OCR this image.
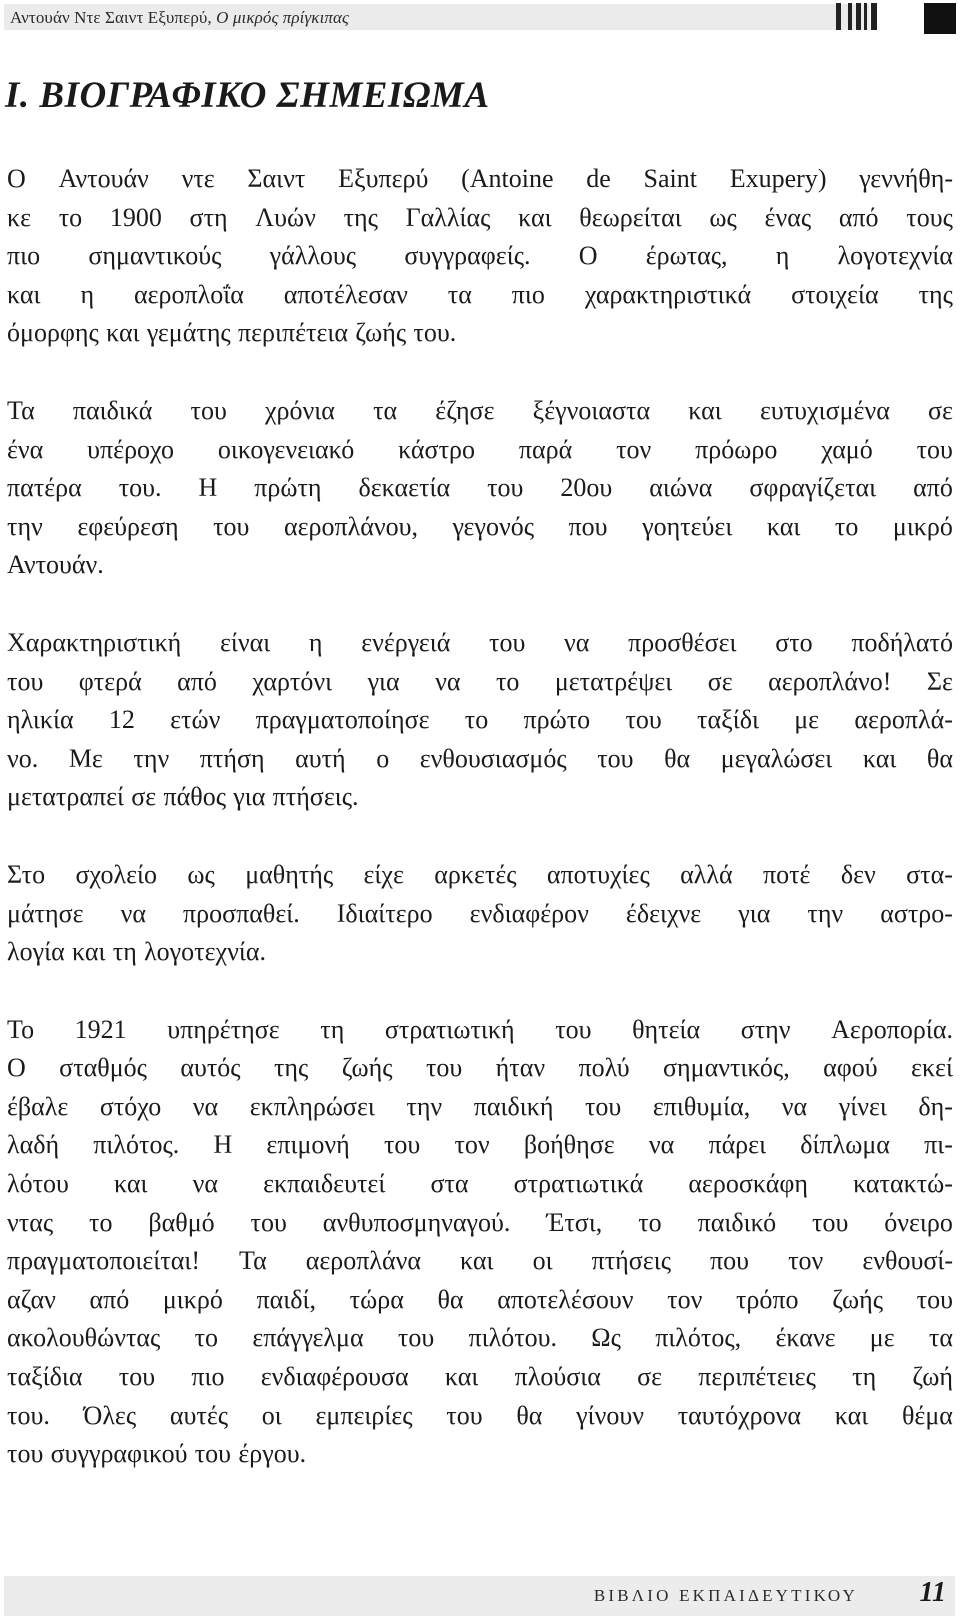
Αντουάν Ντε Σαιντ Εξυπερύ, Ο μικρός πρίγκιπας
Ι. ΒΙΟΓΡΑΦΙΚΟ ΣΗΜΕΙΩΜΑ
Ο Αντουάν ντε Σαιντ Εξυπερύ (Antoine de Saint Exupery) γεννήθη-
κε το 1900 στη Λυών της Γαλλίας και θεωρείται ως ένας από τους
πιο σημαντικούς γάλλους συγγραφείς. Ο έρωτας, η λογοτεχνία
και η αεροπλοΐα αποτέλεσαν τα πιο χαρακτηριστικά στοιχεία της
όμορφης και γεμάτης περιπέτεια ζωής του.
Τα παιδικά του χρόνια τα έζησε ξέγνοιαστα και ευτυχισμένα σε
ένα υπέροχο οικογενειακό κάστρο παρά τον πρόωρο χαμό του
πατέρα του. Η πρώτη δεκαετία του 20ου αιώνα σφραγίζεται από
την εφεύρεση του αεροπλάνου, γεγονός που γοητεύει και το μικρό
Αντουάν.
Χαρακτηριστική είναι η ενέργειά του να προσθέσει στο ποδήλατό
του φτερά από χαρτόνι για να το μετατρέψει σε αεροπλάνο! Σε
ηλικία 12 ετών πραγματοποίησε το πρώτο του ταξίδι με αεροπλά-
νο. Με την πτήση αυτή ο ενθουσιασμός του θα μεγαλώσει και θα
μετατραπεί σε πάθος για πτήσεις.
Στο σχολείο ως μαθητής είχε αρκετές αποτυχίες αλλά ποτέ δεν στα-
μάτησε να προσπαθεί. Ιδιαίτερο ενδιαφέρον έδειχνε για την αστρο-
λογία και τη λογοτεχνία.
Το 1921 υπηρέτησε τη στρατιωτική του θητεία στην Αεροπορία.
Ο σταθμός αυτός της ζωής του ήταν πολύ σημαντικός, αφού εκεί
έβαλε στόχο να εκπληρώσει την παιδική του επιθυμία, να γίνει δη-
λαδή πιλότος. Η επιμονή του τον βοήθησε να πάρει δίπλωμα πι-
λότου και να εκπαιδευτεί στα στρατιωτικά αεροσκάφη κατακτώ-
ντας το βαθμό του ανθυποσμηναγού. Έτσι, το παιδικό του όνειρο
πραγματοποιείται! Τα αεροπλάνα και οι πτήσεις που τον ενθουσί-
αζαν από μικρό παιδί, τώρα θα αποτελέσουν τον τρόπο ζωής του
ακολουθώντας το επάγγελμα του πιλότου. Ως πιλότος, έκανε με τα
ταξίδια του πιο ενδιαφέρουσα και πλούσια σε περιπέτειες τη ζωή
του. Όλες αυτές οι εμπειρίες του θα γίνουν ταυτόχρονα και θέμα
του συγγραφικού του έργου.
ΒΙΒΛΙΟ ΕΚΠΑΙΔΕΥΤΙΚΟΥ 11
